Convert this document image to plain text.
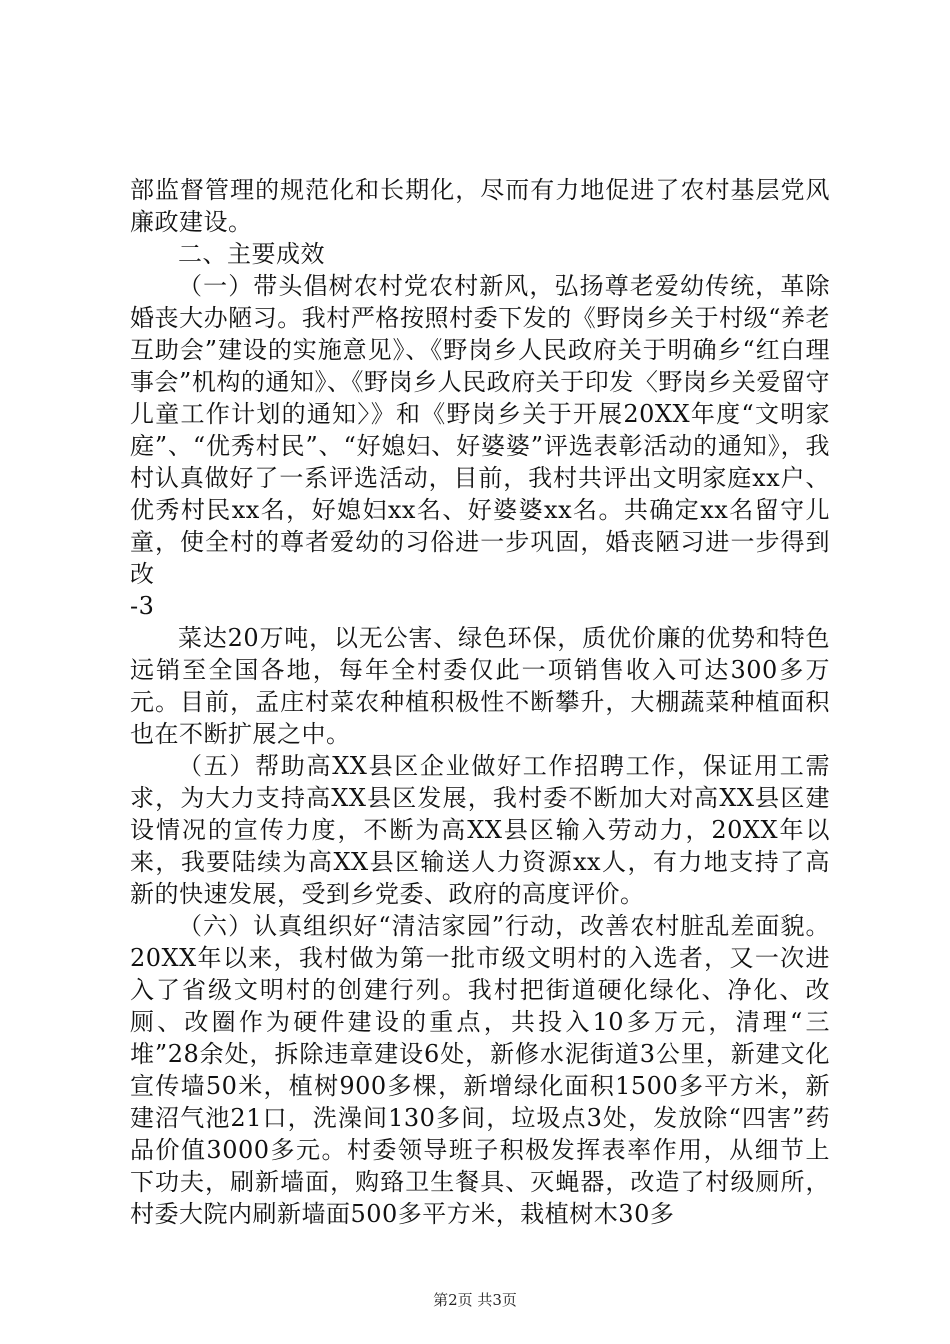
部监督管理的规范化和长期化，尽而有力地促进了农村基层党风廉政建设。

二、主要成效

（一）带头倡树农村党农村新风，弘扬尊老爱幼传统，革除婚丧大办陋习。我村严格按照村委下发的《野岗乡关于村级“养老互助会”建设的实施意见》、《野岗乡人民政府关于明确乡“红白理事会”机构的通知》、《野岗乡人民政府关于印发〈野岗乡关爱留守儿童工作计划的通知〉》和《野岗乡关于开展20XX年度“文明家庭”、“优秀村民”、“好媳妇、好婆婆”评选表彰活动的通知》，我村认真做好了一系评选活动，目前，我村共评出文明家庭xx户、优秀村民xx名，好媳妇xx名、好婆婆xx名。共确定xx名留守儿童，使全村的尊者爱幼的习俗进一步巩固，婚丧陋习进一步得到改

-3

菜达20万吨，以无公害、绿色环保，质优价廉的优势和特色远销至全国各地，每年全村委仅此一项销售收入可达300多万元。目前，孟庄村菜农种植积极性不断攀升，大棚蔬菜种植面积也在不断扩展之中。

（五）帮助高XX县区企业做好工作招聘工作，保证用工需求，为大力支持高XX县区发展，我村委不断加大对高XX县区建设情况的宣传力度，不断为高XX县区输入劳动力，20XX年以来，我要陆续为高XX县区输送人力资源xx人，有力地支持了高新的快速发展，受到乡党委、政府的高度评价。

（六）认真组织好“清洁家园”行动，改善农村脏乱差面貌。20XX年以来，我村做为第一批市级文明村的入选者，又一次进入了省级文明村的创建行列。我村把街道硬化绿化、净化、改厕、改圈作为硬件建设的重点，共投入10多万元，清理“三堆”28余处，拆除违章建设6处，新修水泥街道3公里，新建文化宣传墙50米，植树900多棵，新增绿化面积1500多平方米，新建沼气池21口，洗澡间130多间，垃圾点3处，发放除“四害”药品价值3000多元。村委领导班子积极发挥表率作用，从细节上下功夫，刷新墙面，购臵卫生餐具、灭蝇器，改造了村级厕所，村委大院内刷新墙面500多平方米，栽植树木30多

第2页 共3页
